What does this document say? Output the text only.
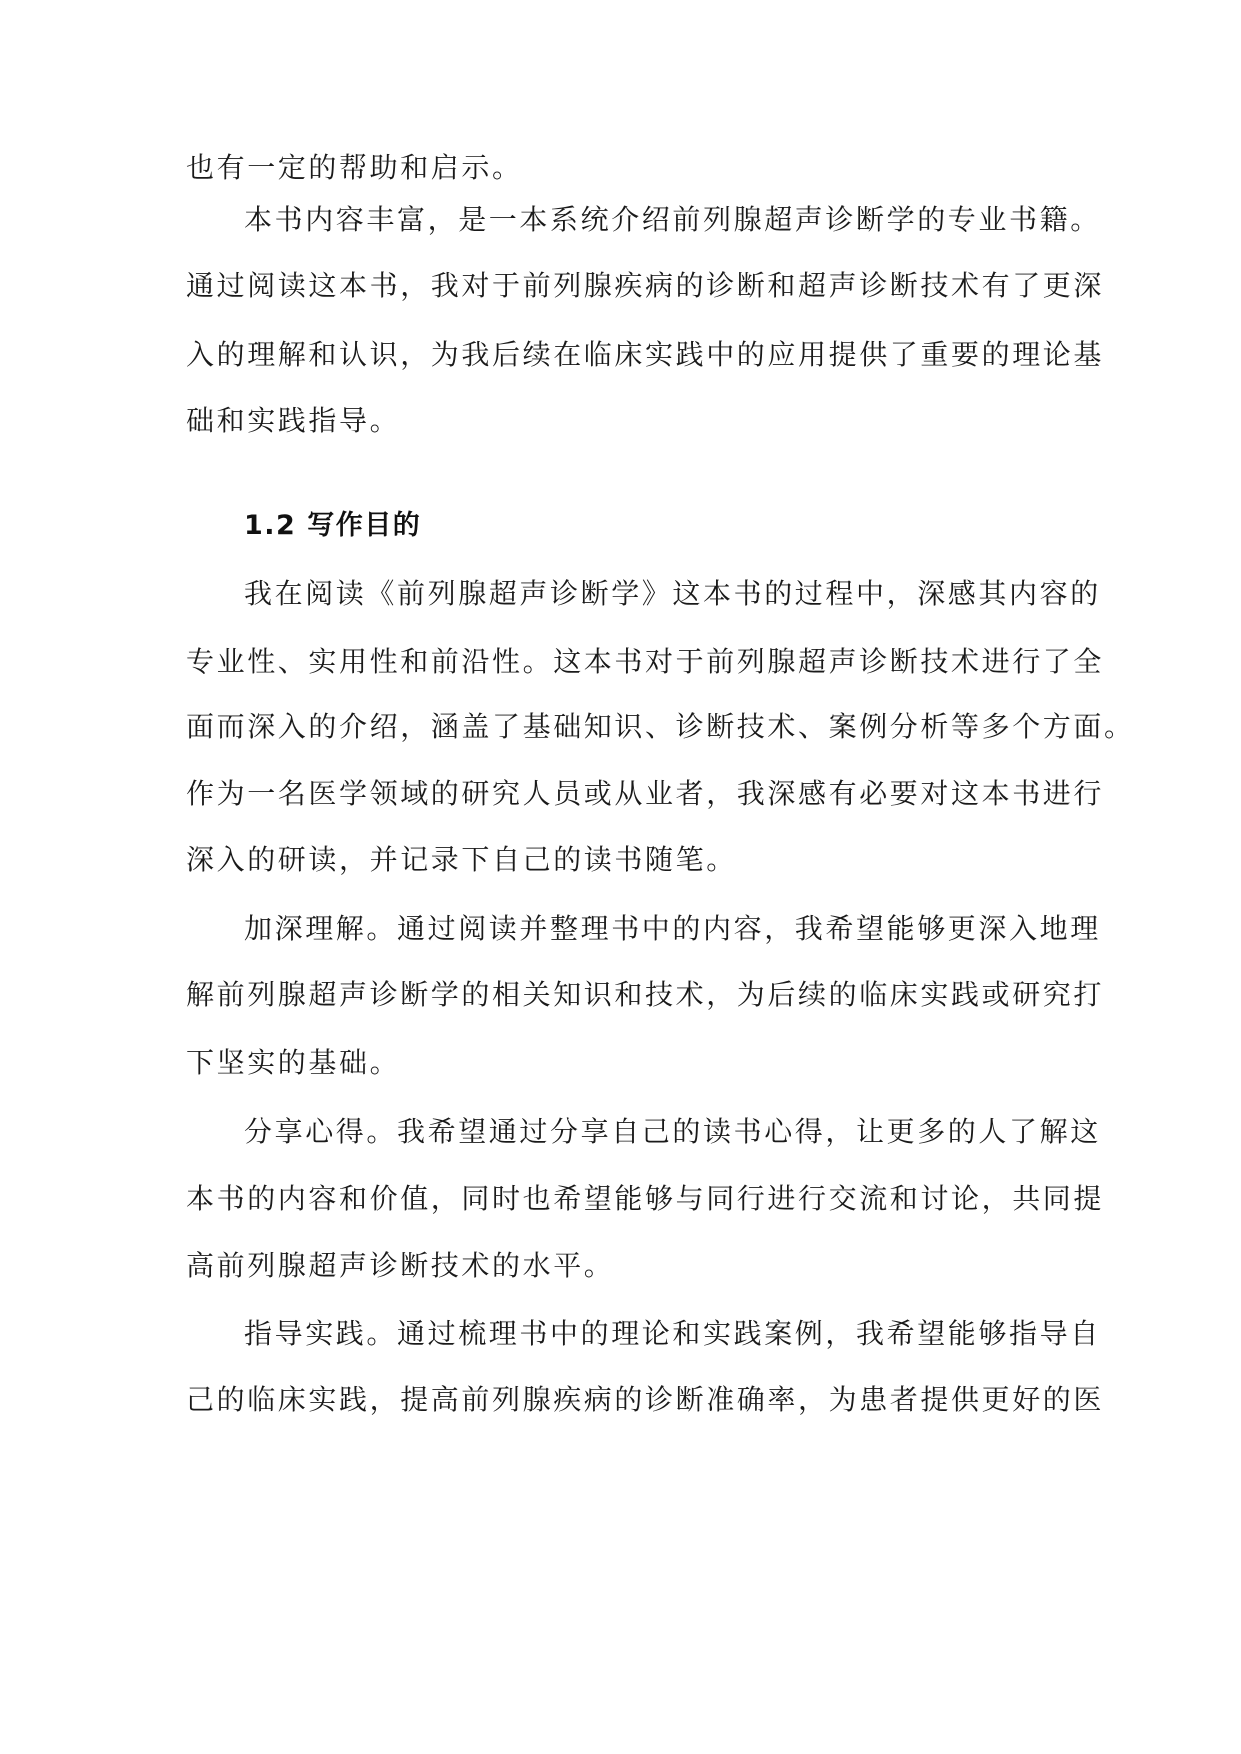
也有一定的帮助和启示。

本书内容丰富，是一本系统介绍前列腺超声诊断学的专业书籍。

通过阅读这本书，我对于前列腺疾病的诊断和超声诊断技术有了更深

入的理解和认识，为我后续在临床实践中的应用提供了重要的理论基

础和实践指导。

1.2 写作目的

我在阅读《前列腺超声诊断学》这本书的过程中，深感其内容的

专业性、实用性和前沿性。这本书对于前列腺超声诊断技术进行了全

面而深入的介绍，涵盖了基础知识、诊断技术、案例分析等多个方面。

作为一名医学领域的研究人员或从业者，我深感有必要对这本书进行

深入的研读，并记录下自己的读书随笔。

加深理解。通过阅读并整理书中的内容，我希望能够更深入地理

解前列腺超声诊断学的相关知识和技术，为后续的临床实践或研究打

下坚实的基础。

分享心得。我希望通过分享自己的读书心得，让更多的人了解这

本书的内容和价值，同时也希望能够与同行进行交流和讨论，共同提

高前列腺超声诊断技术的水平。

指导实践。通过梳理书中的理论和实践案例，我希望能够指导自

己的临床实践，提高前列腺疾病的诊断准确率，为患者提供更好的医
